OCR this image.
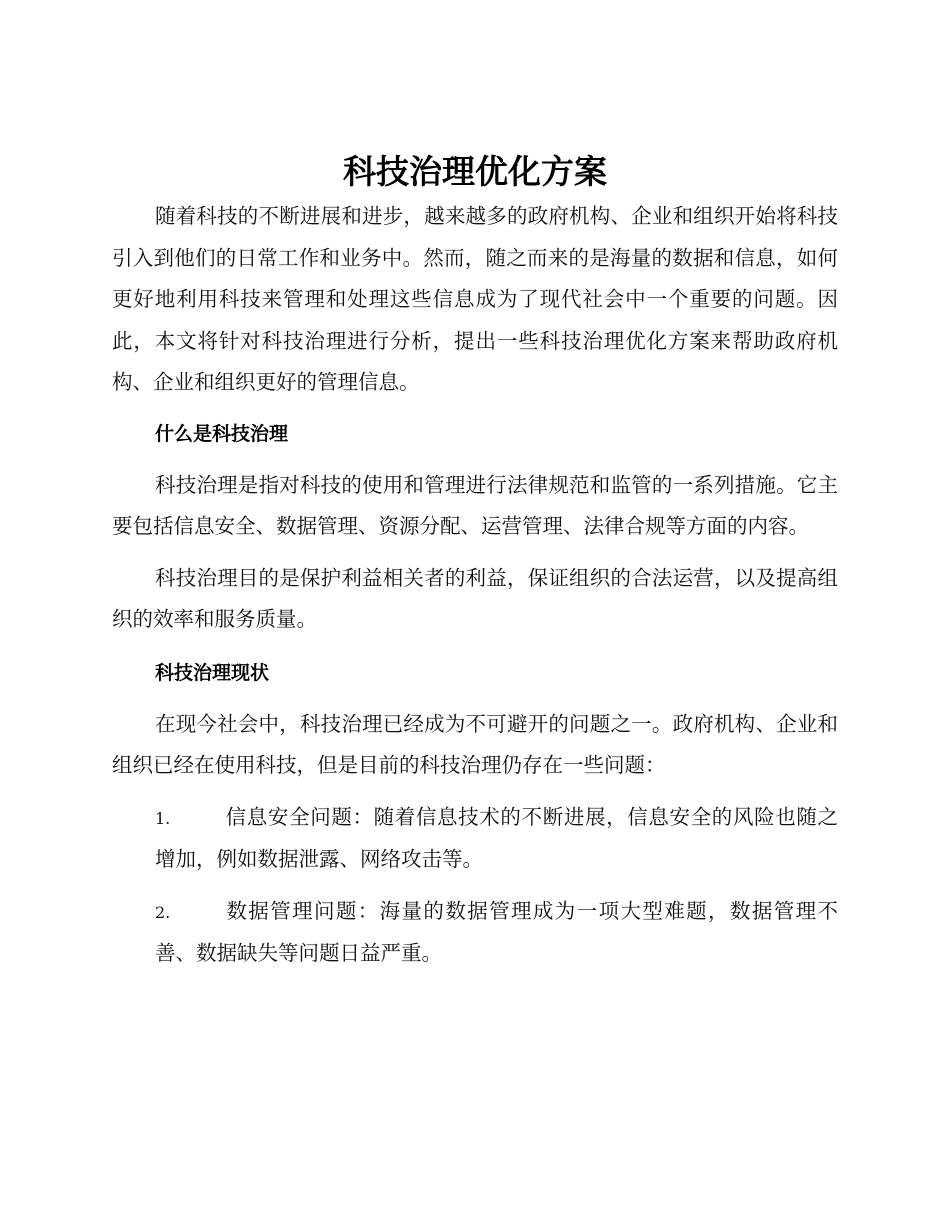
科技治理优化方案

随着科技的不断进展和进步，越来越多的政府机构、企业和组织开始将科技引入到他们的日常工作和业务中。然而，随之而来的是海量的数据和信息，如何更好地利用科技来管理和处理这些信息成为了现代社会中一个重要的问题。因此，本文将针对科技治理进行分析，提出一些科技治理优化方案来帮助政府机构、企业和组织更好的管理信息。

什么是科技治理

科技治理是指对科技的使用和管理进行法律规范和监管的一系列措施。它主要包括信息安全、数据管理、资源分配、运营管理、法律合规等方面的内容。

科技治理目的是保护利益相关者的利益，保证组织的合法运营，以及提高组织的效率和服务质量。

科技治理现状

在现今社会中，科技治理已经成为不可避开的问题之一。政府机构、企业和组织已经在使用科技，但是目前的科技治理仍存在一些问题：

1.	信息安全问题：随着信息技术的不断进展，信息安全的风险也随之增加，例如数据泄露、网络攻击等。

2.	数据管理问题：海量的数据管理成为一项大型难题，数据管理不善、数据缺失等问题日益严重。
